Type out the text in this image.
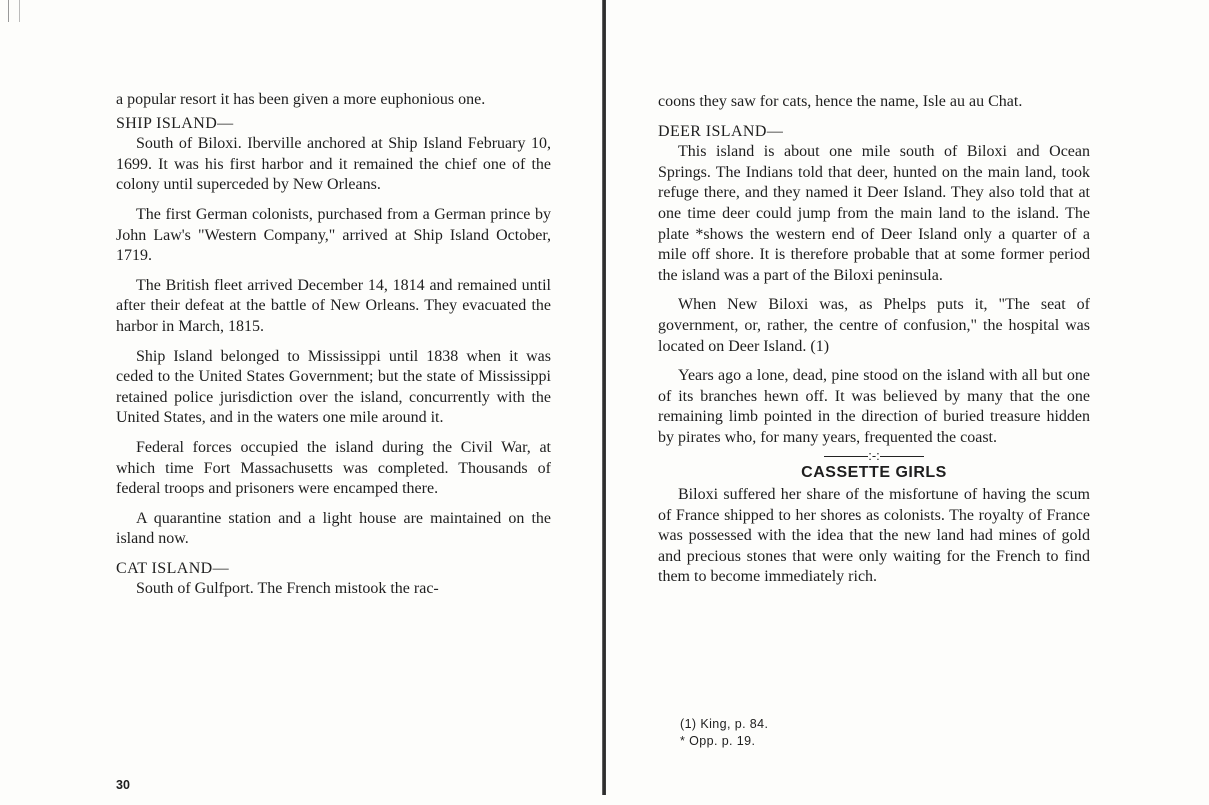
a popular resort it has been given a more euphonious one.

SHIP ISLAND—

South of Biloxi. Iberville anchored at Ship Island February 10, 1699. It was his first harbor and it remained the chief one of the colony until superceded by New Orleans.

The first German colonists, purchased from a German prince by John Law's "Western Company," arrived at Ship Island October, 1719.

The British fleet arrived December 14, 1814 and remained until after their defeat at the battle of New Orleans. They evacuated the harbor in March, 1815.

Ship Island belonged to Mississippi until 1838 when it was ceded to the United States Government; but the state of Mississippi retained police jurisdiction over the island, concurrently with the United States, and in the waters one mile around it.

Federal forces occupied the island during the Civil War, at which time Fort Massachusetts was completed. Thousands of federal troops and prisoners were encamped there.

A quarantine station and a light house are maintained on the island now.

CAT ISLAND—

South of Gulfport. The French mistook the rac-

30

coons they saw for cats, hence the name, Isle au au Chat.

DEER ISLAND—

This island is about one mile south of Biloxi and Ocean Springs. The Indians told that deer, hunted on the main land, took refuge there, and they named it Deer Island. They also told that at one time deer could jump from the main land to the island. The plate *shows the western end of Deer Island only a quarter of a mile off shore. It is therefore probable that at some former period the island was a part of the Biloxi peninsula.

When New Biloxi was, as Phelps puts it, "The seat of government, or, rather, the centre of confusion," the hospital was located on Deer Island. (1)

Years ago a lone, dead, pine stood on the island with all but one of its branches hewn off. It was believed by many that the one remaining limb pointed in the direction of buried treasure hidden by pirates who, for many years, frequented the coast.

:-:

CASSETTE GIRLS

Biloxi suffered her share of the misfortune of having the scum of France shipped to her shores as colonists. The royalty of France was possessed with the idea that the new land had mines of gold and precious stones that were only waiting for the French to find them to become immediately rich.

(1) King, p. 84.

* Opp. p. 19.
